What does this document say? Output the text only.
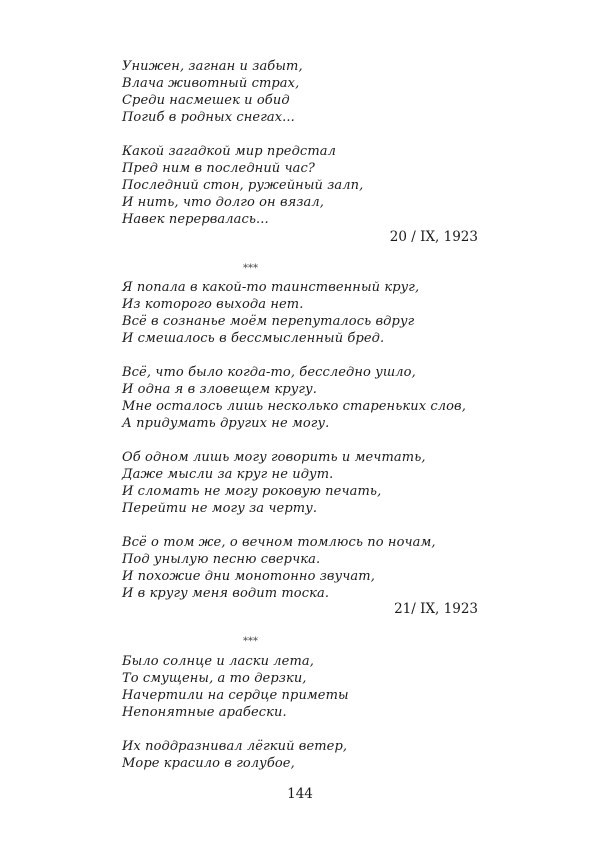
Унижен, загнан и забыт,
Влача животный страх,
Среди насмешек и обид
Погиб в родных снегах...
Какой загадкой мир предстал
Пред ним в последний час?
Последний стон, ружейный залп,
И нить, что долго он вязал,
Навек перервалась...
20 / IX, 1923
***
Я попала в какой-то таинственный круг,
Из которого выхода нет.
Всё в сознанье моём перепуталось вдруг
И смешалось в бессмысленный бред.
Всё, что было когда-то, бесследно ушло,
И одна я в зловещем кругу.
Мне осталось лишь несколько стареньких слов,
А придумать других не могу.
Об одном лишь могу говорить и мечтать,
Даже мысли за круг не идут.
И сломать не могу роковую печать,
Перейти не могу за черту.
Всё о том же, о вечном томлюсь по ночам,
Под унылую песню сверчка.
И похожие дни монотонно звучат,
И в кругу меня водит тоска.
21/ IX, 1923
***
Было солнце и ласки лета,
То смущены, а то дерзки,
Начертили на сердце приметы
Непонятные арабески.
Их поддразнивал лёгкий ветер,
Море красило в голубое,
144
